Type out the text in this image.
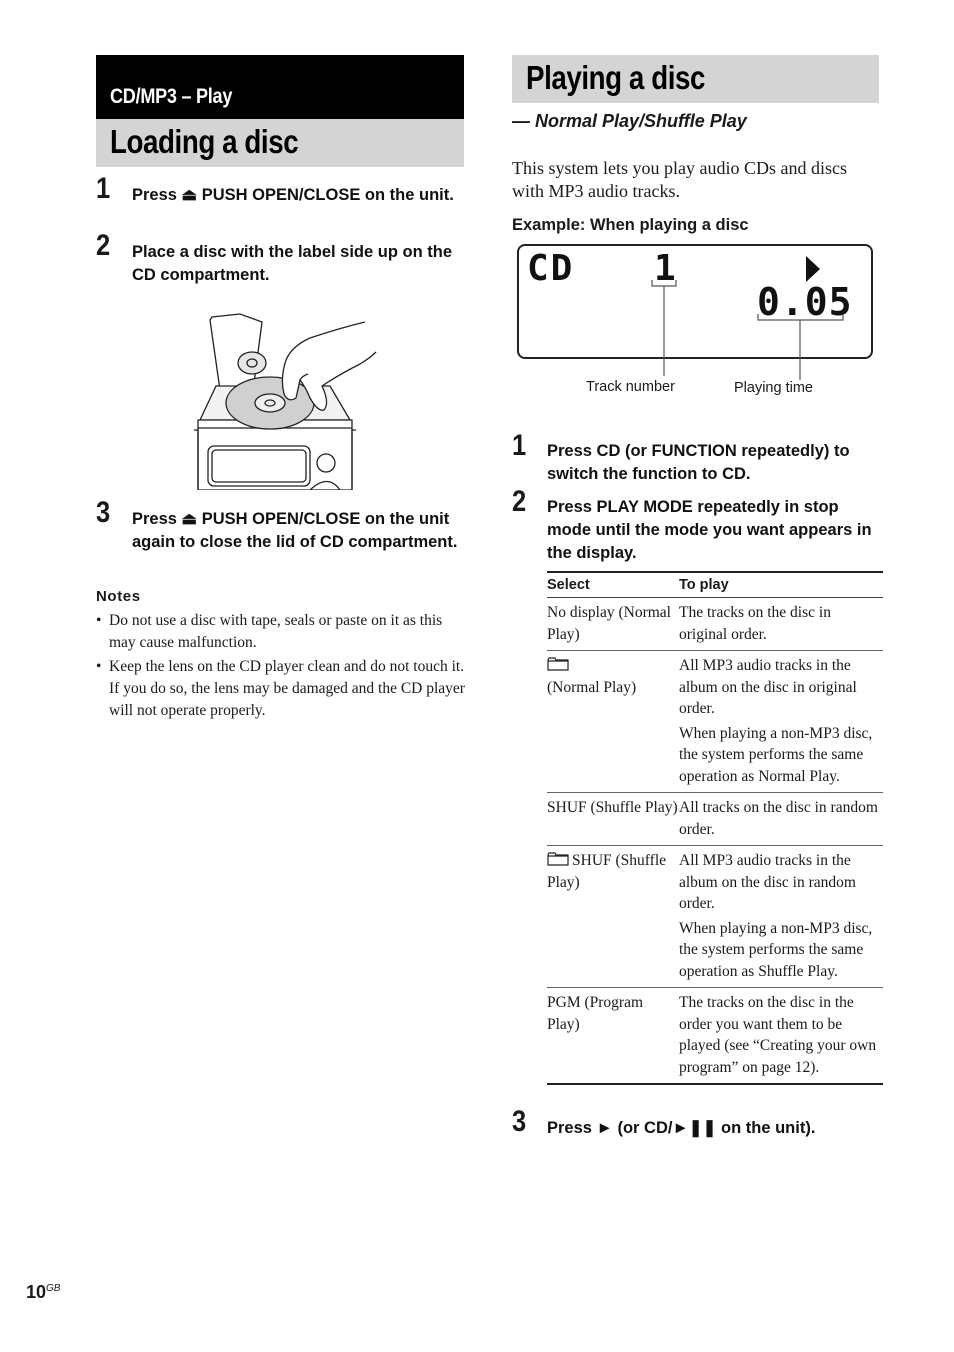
CD/MP3 – Play
Loading a disc
1 Press ⏏ PUSH OPEN/CLOSE on the unit.
2 Place a disc with the label side up on the CD compartment.
3 Press ⏏ PUSH OPEN/CLOSE on the unit again to close the lid of CD compartment.
Notes
• Do not use a disc with tape, seals or paste on it as this may cause malfunction.
• Keep the lens on the CD player clean and do not touch it. If you do so, the lens may be damaged and the CD player will not operate properly.
Playing a disc
— Normal Play/Shuffle Play
This system lets you play audio CDs and discs with MP3 audio tracks.
Example: When playing a disc
CD 1
0.05
Track number	Playing time
1 Press CD (or FUNCTION repeatedly) to switch the function to CD.
2 Press PLAY MODE repeatedly in stop mode until the mode you want appears in the display.
Select	To play
No display (Normal Play)	The tracks on the disc in original order.

(Normal Play)	All MP3 audio tracks in the album on the disc in original order.

When playing a non-MP3 disc, the system performs the same operation as Normal Play.

SHUF (Shuffle Play)	All tracks on the disc in random order.

SHUF (Shuffle Play)	All MP3 audio tracks in the album on the disc in random order.

When playing a non-MP3 disc, the system performs the same operation as Shuffle Play.

PGM (Program Play)	The tracks on the disc in the order you want them to be played (see “Creating your own program” on page 12).

3 Press ► (or CD/►❚❚ on the unit).
$10^{GB}$
